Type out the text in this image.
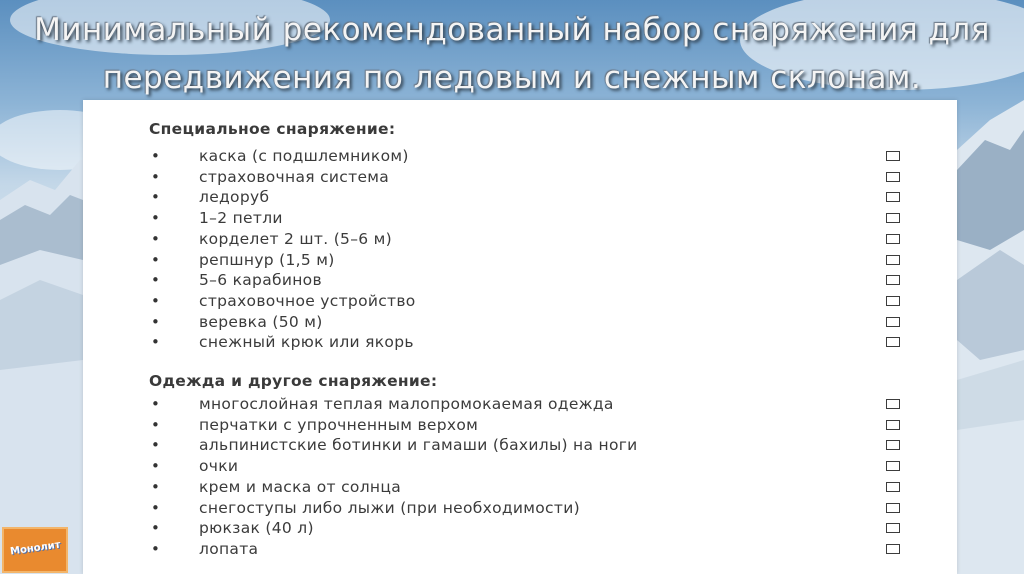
Минимальный рекомендованный набор снаряжения для
передвижения по ледовым и снежным склонам.
Специальное снаряжение:
•	каска (с подшлемником)
•	страховочная система
•	ледоруб
•	1–2 петли
•	корделет 2 шт. (5–6 м)
•	репшнур (1,5 м)
•	5–6 карабинов
•	страховочное устройство
•	веревка (50 м)
•	снежный крюк или якорь
Одежда и другое снаряжение:
•	многослойная теплая малопромокаемая одежда
•	перчатки с упрочненным верхом
•	альпинистские ботинки и гамаши (бахилы) на ноги
•	очки
•	крем и маска от солнца
•	снегоступы либо лыжи (при необходимости)
•	рюкзак (40 л)
•	лопата
Монолит
